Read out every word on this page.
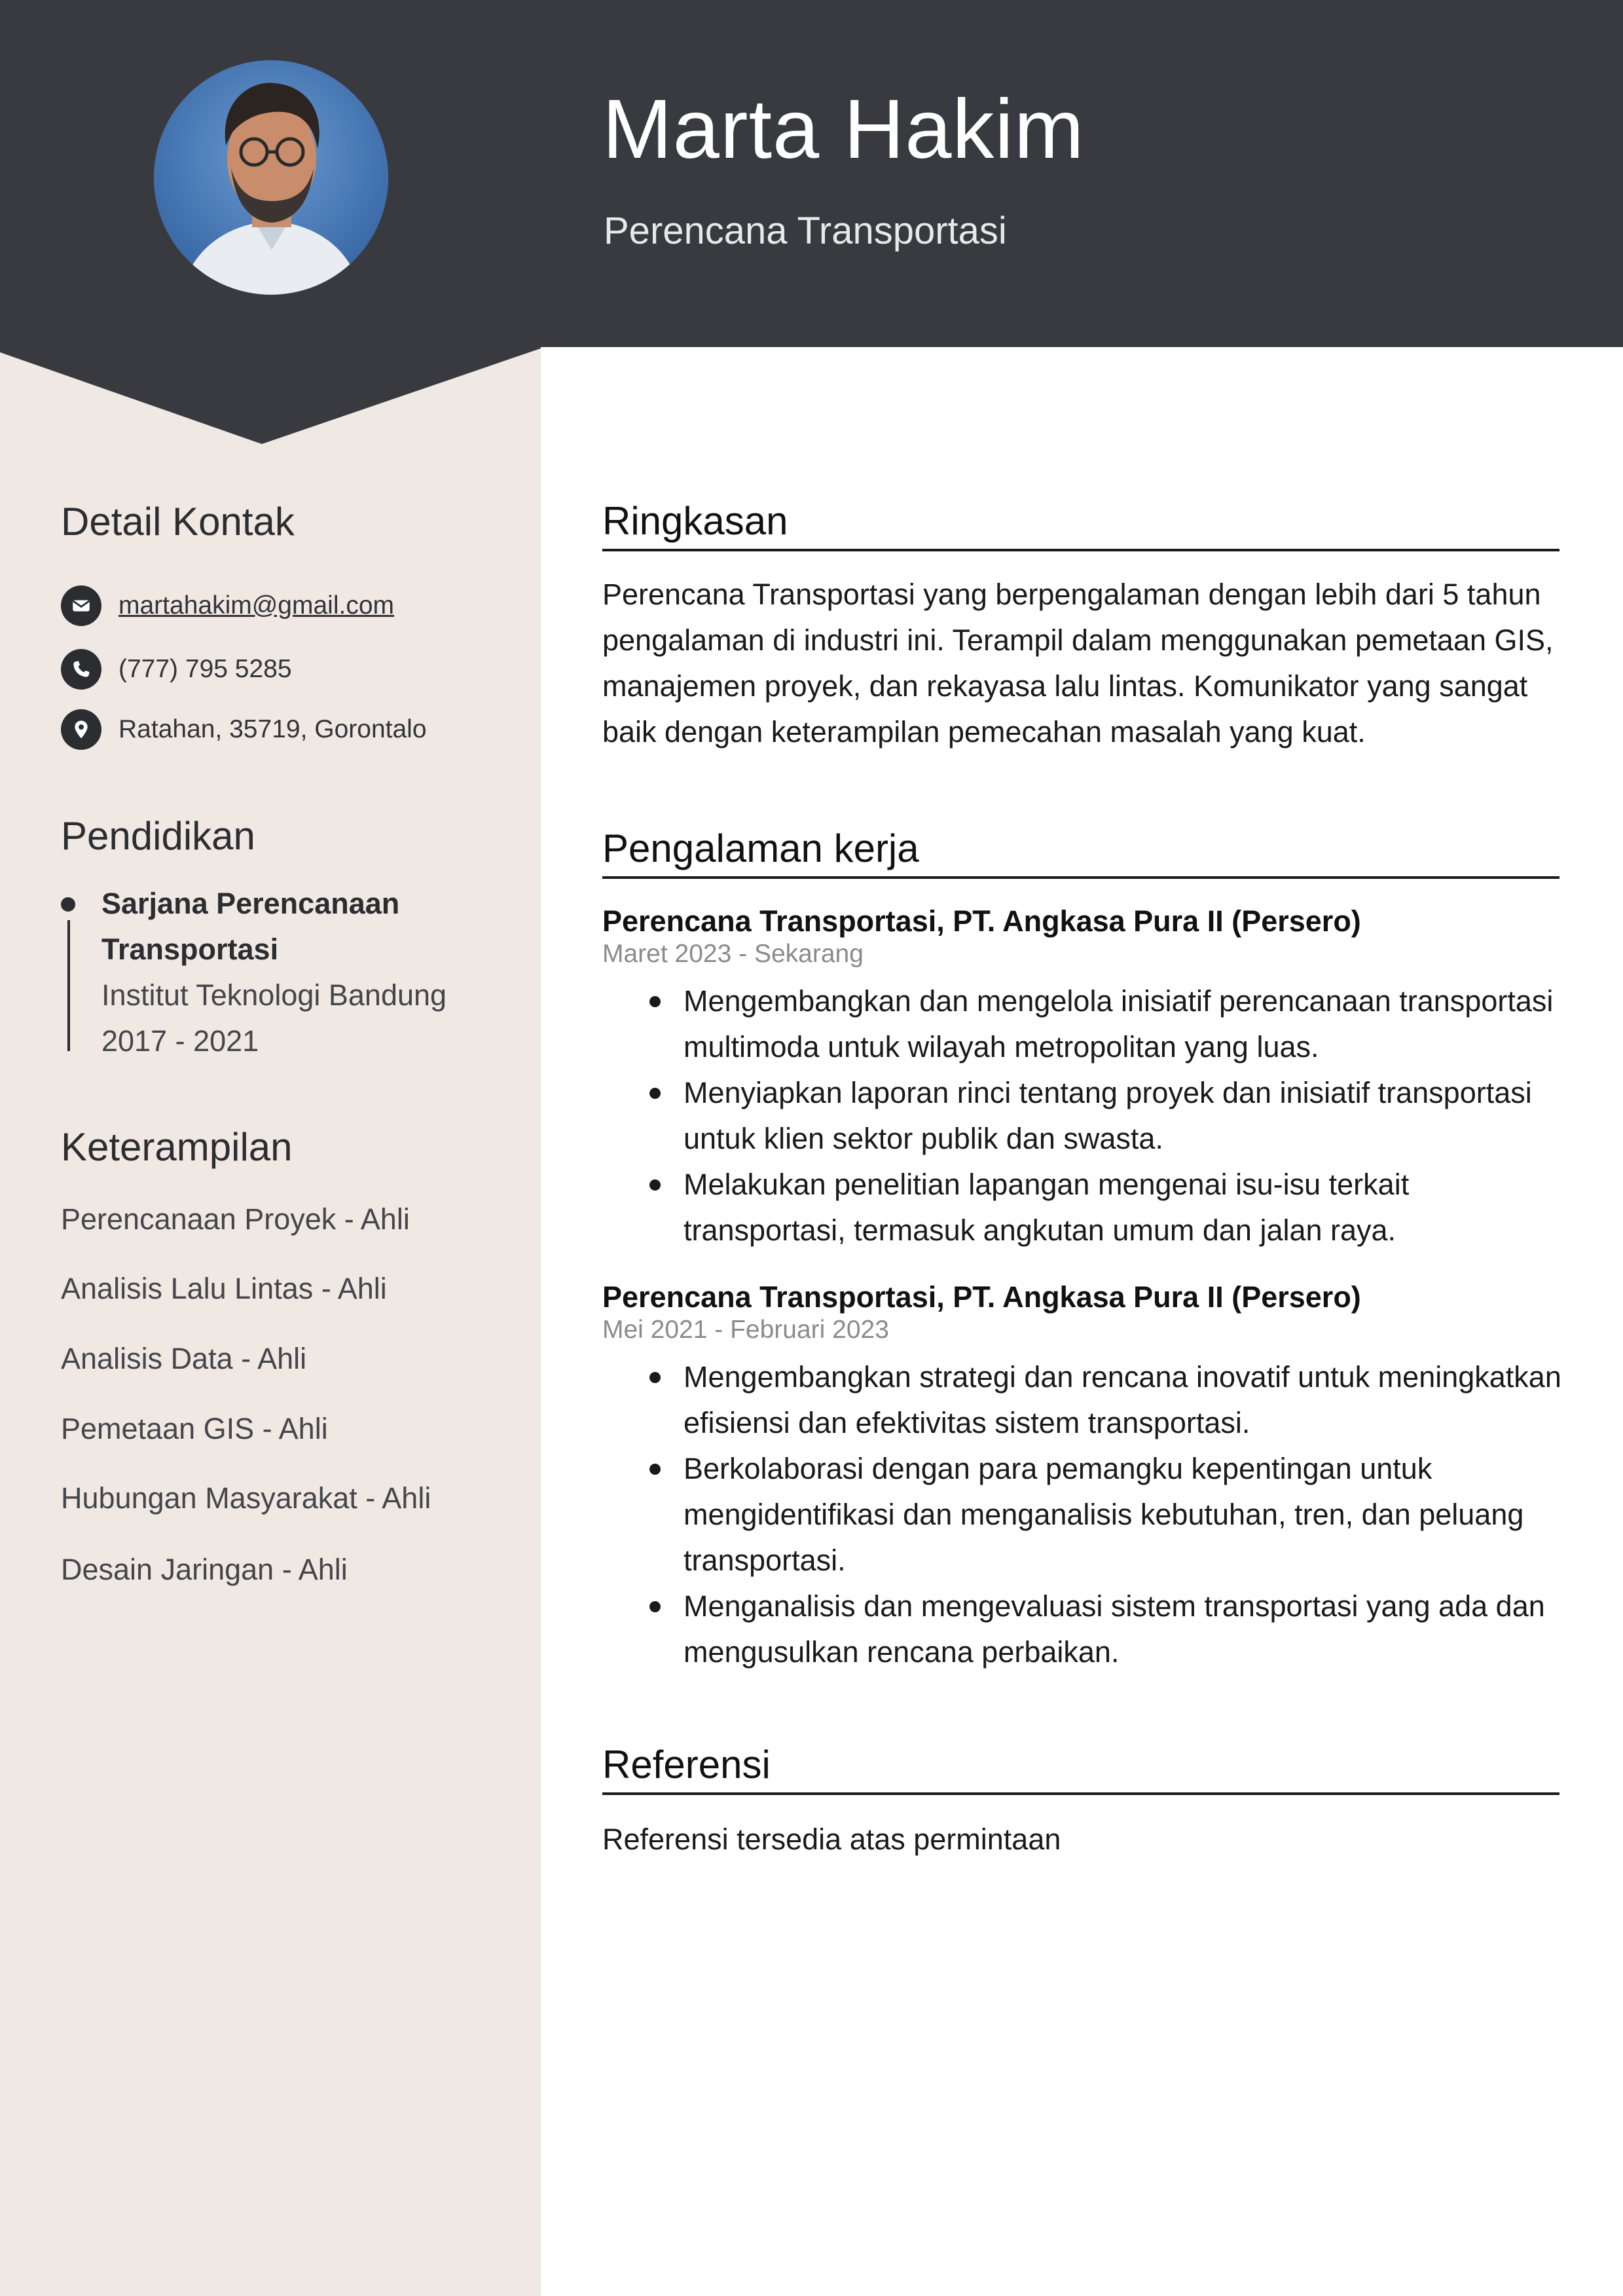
Marta Hakim
Perencana Transportasi
Detail Kontak
martahakim@gmail.com
(777) 795 5285
Ratahan, 35719, Gorontalo
Pendidikan

Sarjana Perencanaan Transportasi

Institut Teknologi Bandung
2017 - 2021
Keterampilan
Perencanaan Proyek - Ahli
Analisis Lalu Lintas - Ahli
Analisis Data - Ahli
Pemetaan GIS - Ahli
Hubungan Masyarakat - Ahli
Desain Jaringan - Ahli
Ringkasan

Perencana Transportasi yang berpengalaman dengan lebih dari 5 tahun pengalaman di industri ini. Terampil dalam menggunakan pemetaan GIS, manajemen proyek, dan rekayasa lalu lintas. Komunikator yang sangat baik dengan keterampilan pemecahan masalah yang kuat.

Pengalaman kerja

Perencana Transportasi, PT. Angkasa Pura II (Persero)

Maret 2023 - Sekarang
Mengembangkan dan mengelola inisiatif perencanaan transportasi multimoda untuk wilayah metropolitan yang luas.
Menyiapkan laporan rinci tentang proyek dan inisiatif transportasi untuk klien sektor publik dan swasta.
Melakukan penelitian lapangan mengenai isu-isu terkait transportasi, termasuk angkutan umum dan jalan raya.

Perencana Transportasi, PT. Angkasa Pura II (Persero)

Mei 2021 - Februari 2023
Mengembangkan strategi dan rencana inovatif untuk meningkatkan efisiensi dan efektivitas sistem transportasi.
Berkolaborasi dengan para pemangku kepentingan untuk mengidentifikasi dan menganalisis kebutuhan, tren, dan peluang transportasi.
Menganalisis dan mengevaluasi sistem transportasi yang ada dan mengusulkan rencana perbaikan.
Referensi

Referensi tersedia atas permintaan
